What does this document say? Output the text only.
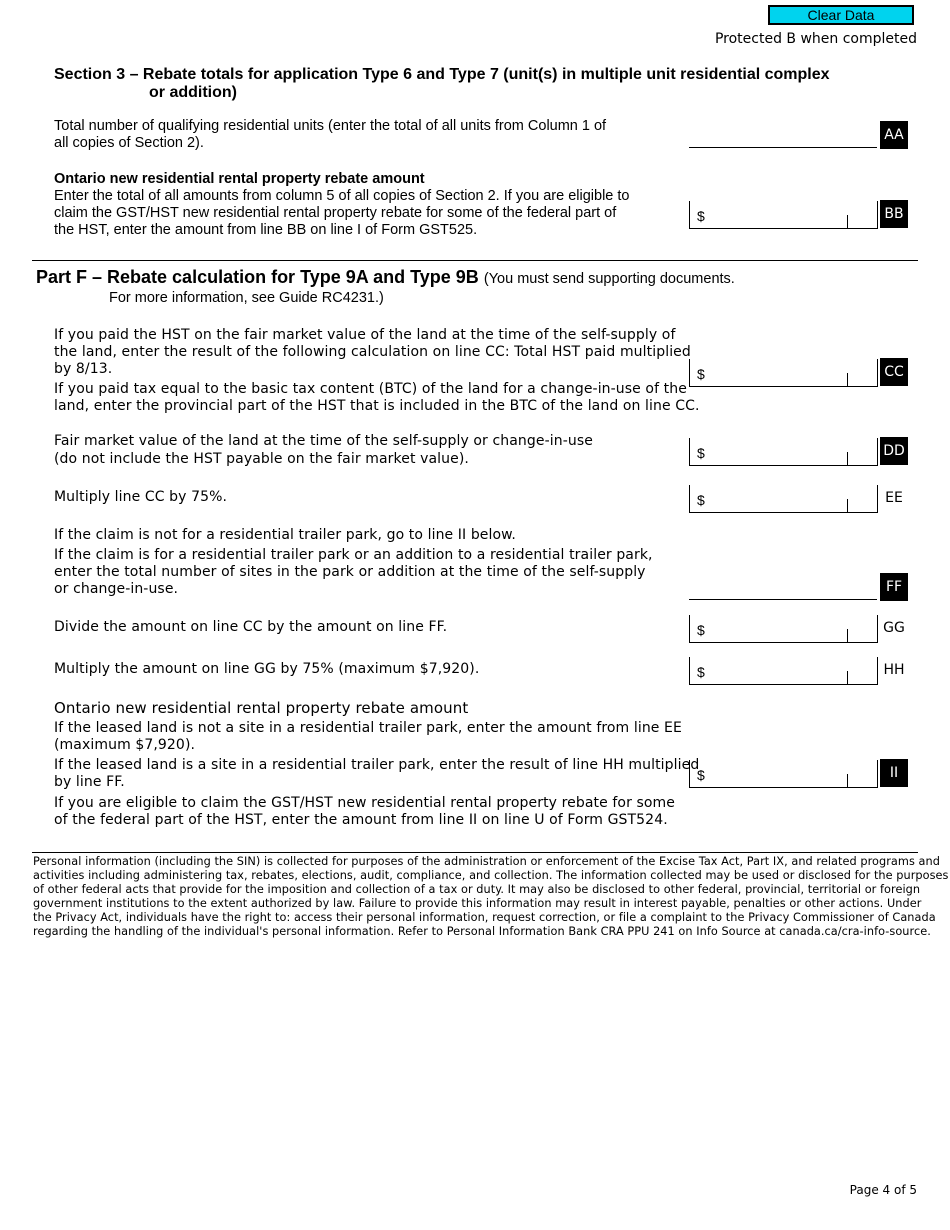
Clear Data
Protected B when completed
Section 3 – Rebate totals for application Type 6 and Type 7 (unit(s) in multiple unit residential complex
or addition)
Total number of qualifying residential units (enter the total of all units from Column 1 of
all copies of Section 2).	AA
Ontario new residential rental property rebate amount
Enter the total of all amounts from column 5 of all copies of Section 2. If you are eligible to
claim the GST/HST new residential rental property rebate for some of the federal part of
the HST, enter the amount from line BB on line I of Form GST525.
$	BB
Part F – Rebate calculation for Type 9A and Type 9B (You must send supporting documents.
For more information, see Guide RC4231.)
If you paid the HST on the fair market value of the land at the time of the self-supply of
the land, enter the result of the following calculation on line CC: Total HST paid multiplied
by 8/13.
If you paid tax equal to the basic tax content (BTC) of the land for a change-in-use of the
land, enter the provincial part of the HST that is included in the BTC of the land on line CC.
$	CC
Fair market value of the land at the time of the self-supply or change-in-use
(do not include the HST payable on the fair market value).	$	DD
Multiply line CC by 75%.	$	EE
If the claim is not for a residential trailer park, go to line II below.
If the claim is for a residential trailer park or an addition to a residential trailer park,
enter the total number of sites in the park or addition at the time of the self-supply
or change-in-use.	FF
Divide the amount on line CC by the amount on line FF.	$	GG
Multiply the amount on line GG by 75% (maximum $7,920).	$	HH
Ontario new residential rental property rebate amount
If the leased land is not a site in a residential trailer park, enter the amount from line EE
(maximum $7,920).
If the leased land is a site in a residential trailer park, enter the result of line HH multiplied
by line FF.
If you are eligible to claim the GST/HST new residential rental property rebate for some
of the federal part of the HST, enter the amount from line II on line U of Form GST524.
$	II
Personal information (including the SIN) is collected for purposes of the administration or enforcement of the Excise Tax Act, Part IX, and related programs and
activities including administering tax, rebates, elections, audit, compliance, and collection. The information collected may be used or disclosed for the purposes
of other federal acts that provide for the imposition and collection of a tax or duty. It may also be disclosed to other federal, provincial, territorial or foreign
government institutions to the extent authorized by law. Failure to provide this information may result in interest payable, penalties or other actions. Under
the Privacy Act, individuals have the right to: access their personal information, request correction, or file a complaint to the Privacy Commissioner of Canada
regarding the handling of the individual's personal information. Refer to Personal Information Bank CRA PPU 241 on Info Source at canada.ca/cra-info-source.
Page 4 of 5
